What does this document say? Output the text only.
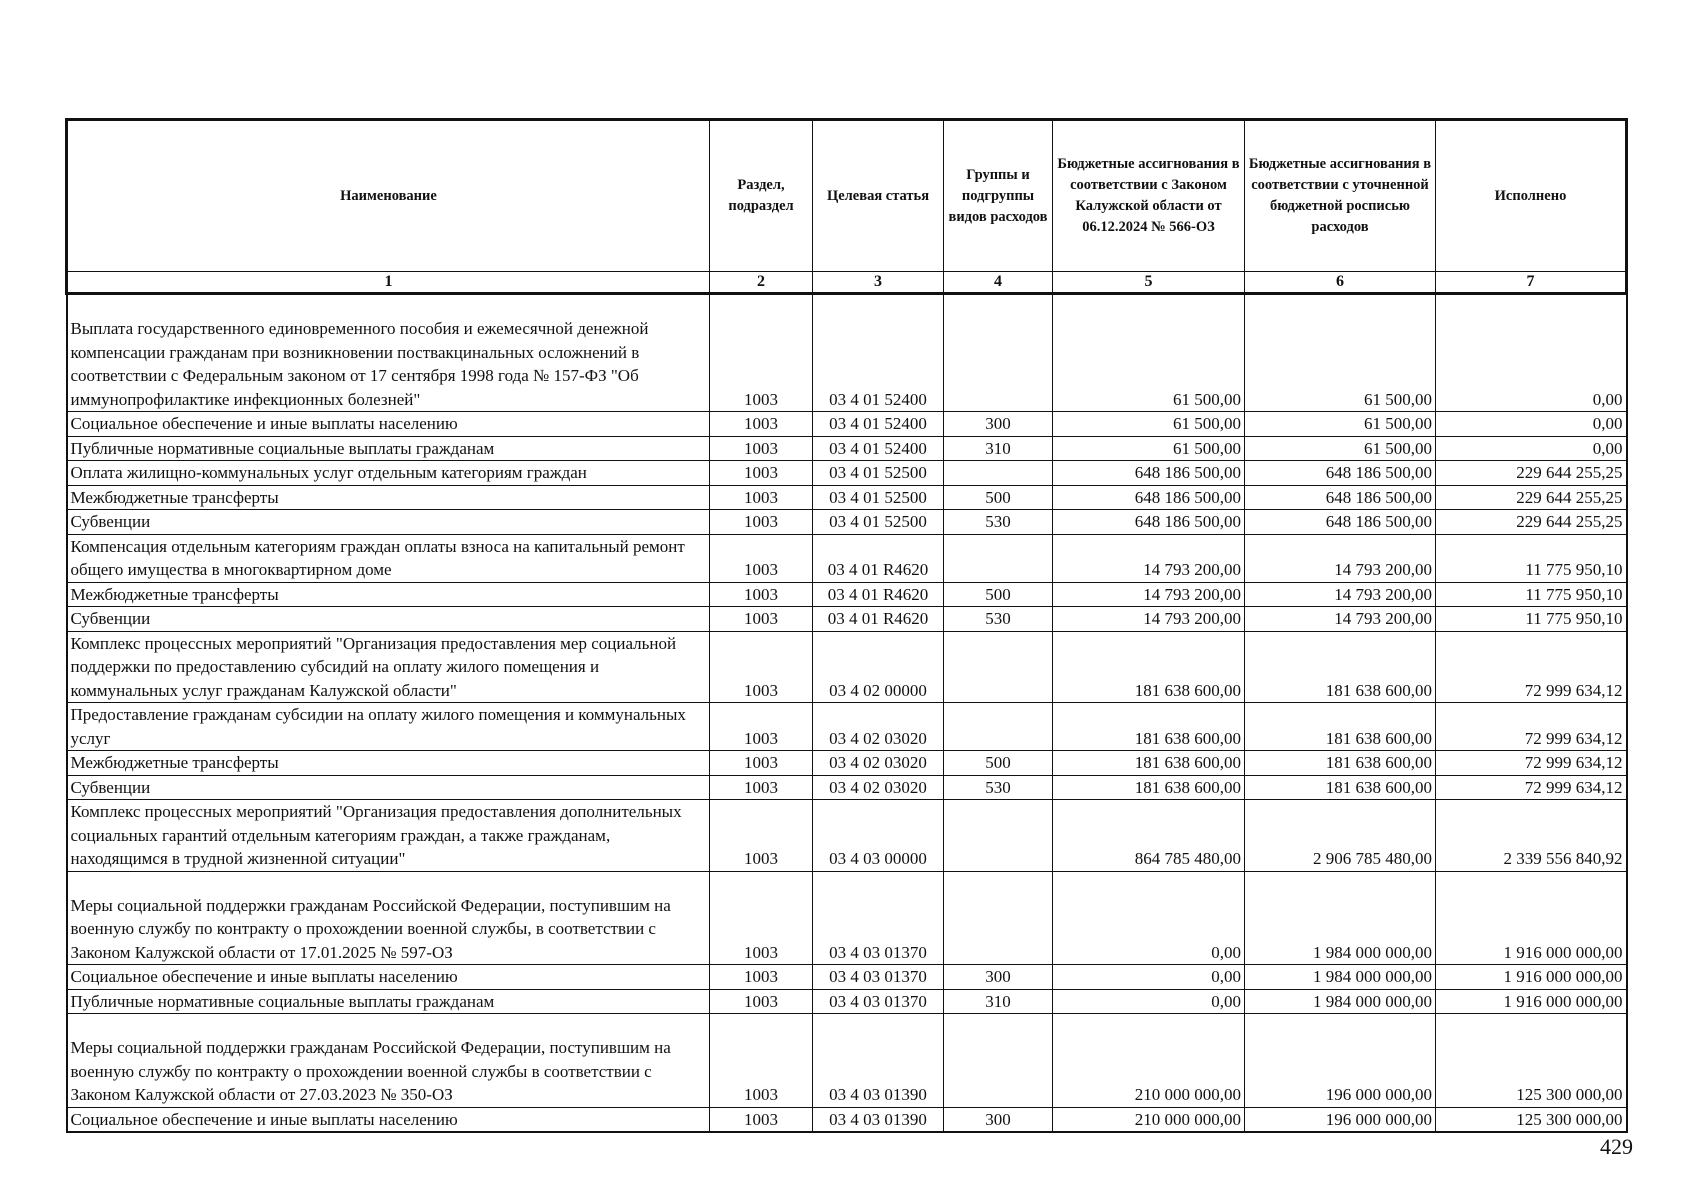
Наименование	Раздел, подраздел	Целевая статья	Группы и подгруппы видов расходов	Бюджетные ассигнования в соответствии с Законом Калужской области от 06.12.2024 № 566-ОЗ	Бюджетные ассигнования в соответствии с уточненной бюджетной росписью расходов	Исполнено
1	2	3	4	5	6	7
Выплата государственного единовременного пособия и ежемесячной денежной компенсации гражданам при возникновении поствакцинальных осложнений в соответствии с Федеральным законом от 17 сентября 1998 года № 157-ФЗ "Об иммунопрофилактике инфекционных болезней"	1003	03 4 01 52400		61 500,00	61 500,00	0,00
Социальное обеспечение и иные выплаты населению	1003	03 4 01 52400	300	61 500,00	61 500,00	0,00
Публичные нормативные социальные выплаты гражданам	1003	03 4 01 52400	310	61 500,00	61 500,00	0,00
Оплата жилищно-коммунальных услуг отдельным категориям граждан	1003	03 4 01 52500		648 186 500,00	648 186 500,00	229 644 255,25
Межбюджетные трансферты	1003	03 4 01 52500	500	648 186 500,00	648 186 500,00	229 644 255,25
Субвенции	1003	03 4 01 52500	530	648 186 500,00	648 186 500,00	229 644 255,25
Компенсация отдельным категориям граждан оплаты взноса на капитальный ремонт общего имущества в многоквартирном доме	1003	03 4 01 R4620		14 793 200,00	14 793 200,00	11 775 950,10
Межбюджетные трансферты	1003	03 4 01 R4620	500	14 793 200,00	14 793 200,00	11 775 950,10
Субвенции	1003	03 4 01 R4620	530	14 793 200,00	14 793 200,00	11 775 950,10
Комплекс процессных мероприятий "Организация предоставления мер социальной поддержки по предоставлению субсидий на оплату жилого помещения и коммунальных услуг гражданам Калужской области"	1003	03 4 02 00000		181 638 600,00	181 638 600,00	72 999 634,12
Предоставление гражданам субсидии на оплату жилого помещения и коммунальных услуг	1003	03 4 02 03020		181 638 600,00	181 638 600,00	72 999 634,12
Межбюджетные трансферты	1003	03 4 02 03020	500	181 638 600,00	181 638 600,00	72 999 634,12
Субвенции	1003	03 4 02 03020	530	181 638 600,00	181 638 600,00	72 999 634,12
Комплекс процессных мероприятий "Организация предоставления дополнительных социальных гарантий отдельным категориям граждан, а также гражданам, находящимся в трудной жизненной ситуации"	1003	03 4 03 00000		864 785 480,00	2 906 785 480,00	2 339 556 840,92
Меры социальной поддержки гражданам Российской Федерации, поступившим на военную службу по контракту о прохождении военной службы, в соответствии с Законом Калужской области от 17.01.2025 № 597-ОЗ	1003	03 4 03 01370		0,00	1 984 000 000,00	1 916 000 000,00
Социальное обеспечение и иные выплаты населению	1003	03 4 03 01370	300	0,00	1 984 000 000,00	1 916 000 000,00
Публичные нормативные социальные выплаты гражданам	1003	03 4 03 01370	310	0,00	1 984 000 000,00	1 916 000 000,00
Меры социальной поддержки гражданам Российской Федерации, поступившим на военную службу по контракту о прохождении военной службы в соответствии с Законом Калужской области от 27.03.2023 № 350-ОЗ	1003	03 4 03 01390		210 000 000,00	196 000 000,00	125 300 000,00
Социальное обеспечение и иные выплаты населению	1003	03 4 03 01390	300	210 000 000,00	196 000 000,00	125 300 000,00
429
